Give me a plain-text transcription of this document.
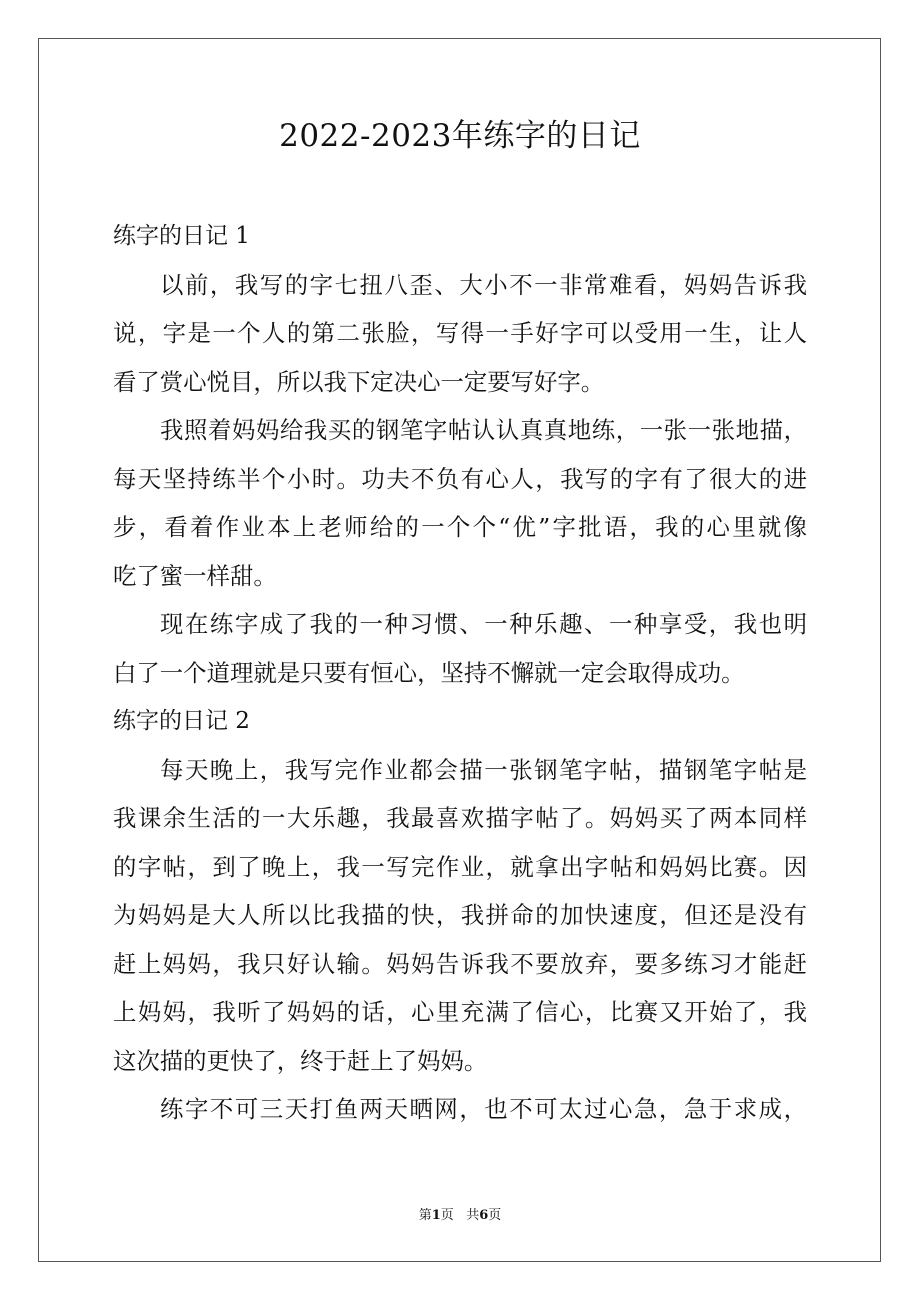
2022-2023年练字的日记
练字的日记 1
以前，我写的字七扭八歪、大小不一非常难看，妈妈告诉我
说，字是一个人的第二张脸，写得一手好字可以受用一生，让人
看了赏心悦目，所以我下定决心一定要写好字。
我照着妈妈给我买的钢笔字帖认认真真地练，一张一张地描，
每天坚持练半个小时。功夫不负有心人，我写的字有了很大的进
步，看着作业本上老师给的一个个“优”字批语，我的心里就像
吃了蜜一样甜。
现在练字成了我的一种习惯、一种乐趣、一种享受，我也明
白了一个道理就是只要有恒心，坚持不懈就一定会取得成功。
练字的日记 2
每天晚上，我写完作业都会描一张钢笔字帖，描钢笔字帖是
我课余生活的一大乐趣，我最喜欢描字帖了。妈妈买了两本同样
的字帖，到了晚上，我一写完作业，就拿出字帖和妈妈比赛。因
为妈妈是大人所以比我描的快，我拼命的加快速度，但还是没有
赶上妈妈，我只好认输。妈妈告诉我不要放弃，要多练习才能赶
上妈妈，我听了妈妈的话，心里充满了信心，比赛又开始了，我
这次描的更快了，终于赶上了妈妈。
练字不可三天打鱼两天晒网，也不可太过心急，急于求成，
第1页 共6页
